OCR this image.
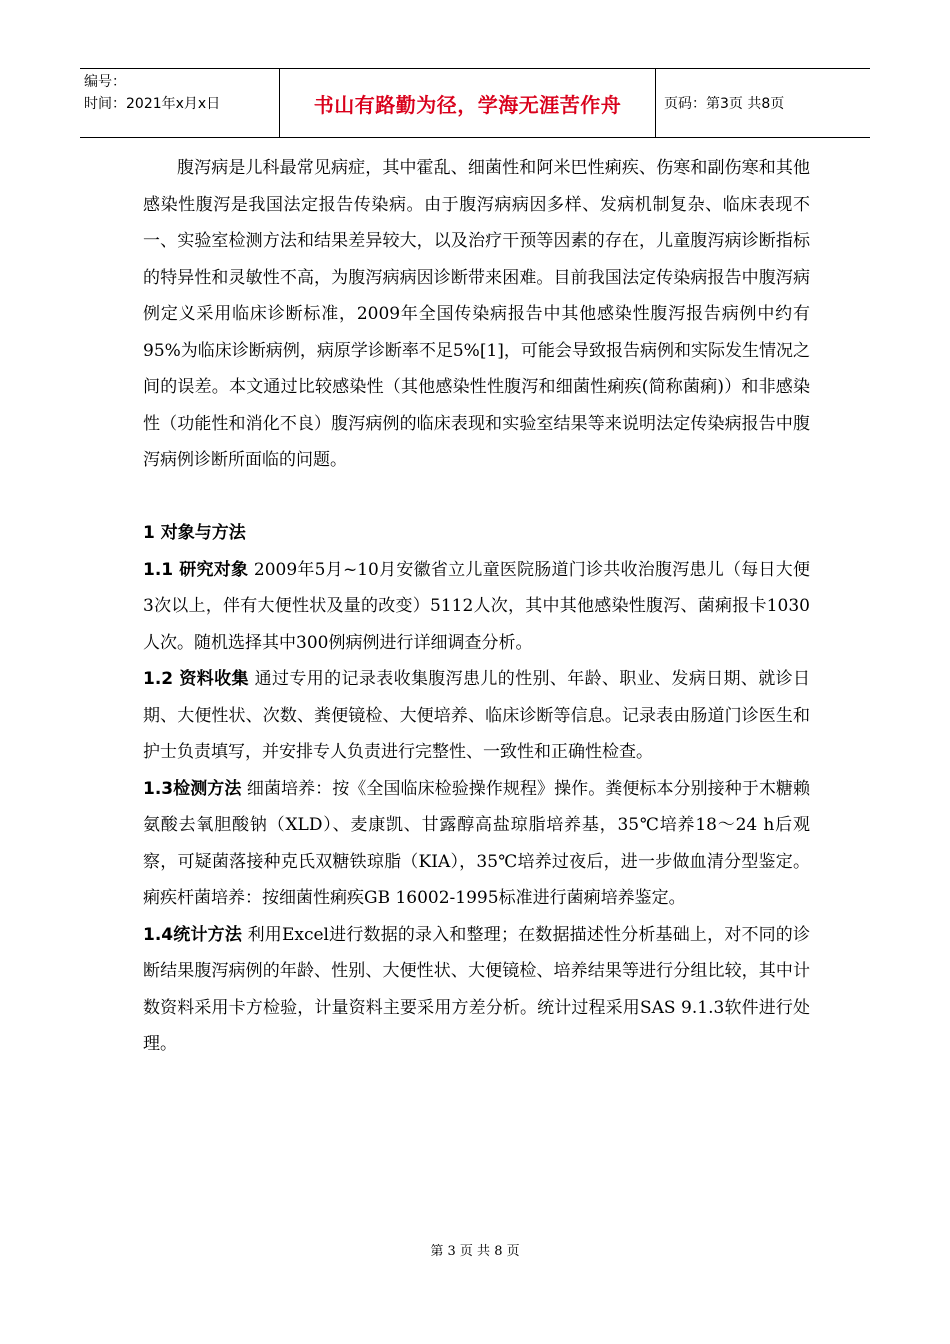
编号：
时间：2021年x月x日	书山有路勤为径，学海无涯苦作舟	页码：第3页 共8页

腹泻病是儿科最常见病症，其中霍乱、细菌性和阿米巴性痢疾、伤寒和副伤寒和其他感染性腹泻是我国法定报告传染病。由于腹泻病病因多样、发病机制复杂、临床表现不一、实验室检测方法和结果差异较大，以及治疗干预等因素的存在，儿童腹泻病诊断指标的特异性和灵敏性不高，为腹泻病病因诊断带来困难。目前我国法定传染病报告中腹泻病例定义采用临床诊断标准，2009年全国传染病报告中其他感染性腹泻报告病例中约有95%为临床诊断病例，病原学诊断率不足5%[1]，可能会导致报告病例和实际发生情况之间的误差。本文通过比较感染性（其他感染性性腹泻和细菌性痢疾(简称菌痢)）和非感染性（功能性和消化不良）腹泻病例的临床表现和实验室结果等来说明法定传染病报告中腹泻病例诊断所面临的问题。

1 对象与方法

1.1 研究对象 2009年5月~10月安徽省立儿童医院肠道门诊共收治腹泻患儿（每日大便3次以上，伴有大便性状及量的改变）5112人次，其中其他感染性腹泻、菌痢报卡1030人次。随机选择其中300例病例进行详细调查分析。

1.2 资料收集 通过专用的记录表收集腹泻患儿的性别、年龄、职业、发病日期、就诊日期、大便性状、次数、粪便镜检、大便培养、临床诊断等信息。记录表由肠道门诊医生和护士负责填写，并安排专人负责进行完整性、一致性和正确性检查。

1.3检测方法 细菌培养：按《全国临床检验操作规程》操作。粪便标本分别接种于木糖赖氨酸去氧胆酸钠（XLD）、麦康凯、甘露醇高盐琼脂培养基，35℃培养18～24 h后观察，可疑菌落接种克氏双糖铁琼脂（KIA），35℃培养过夜后，进一步做血清分型鉴定。痢疾杆菌培养：按细菌性痢疾GB 16002-1995标准进行菌痢培养鉴定。

1.4统计方法 利用Excel进行数据的录入和整理；在数据描述性分析基础上，对不同的诊断结果腹泻病例的年龄、性别、大便性状、大便镜检、培养结果等进行分组比较，其中计数资料采用卡方检验，计量资料主要采用方差分析。统计过程采用SAS 9.1.3软件进行处理。

第 3 页 共 8 页
